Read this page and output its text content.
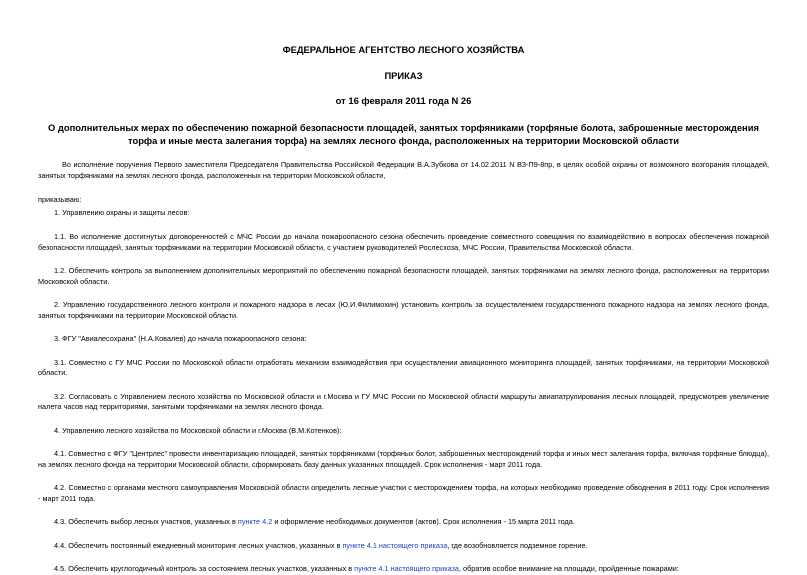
ФЕДЕРАЛЬНОЕ АГЕНТСТВО ЛЕСНОГО ХОЗЯЙСТВА
ПРИКАЗ
от 16 февраля 2011 года N 26
О дополнительных мерах по обеспечению пожарной безопасности площадей, занятых торфяниками (торфяные болота, заброшенные месторождения торфа и иные места залегания торфа) на землях лесного фонда, расположенных на территории Московской области

Во исполнение поручения Первого заместителя Председателя Правительства Российской Федерации В.А.Зубкова от 14.02.2011 N ВЗ-П9-8пр, в целях особой охраны от возможного возгорания площадей, занятых торфяниками на землях лесного фонда, расположенных на территории Московской области,

приказываю:

1. Управлению охраны и защиты лесов:

1.1. Во исполнение достигнутых договоренностей с МЧС России до начала пожароопасного сезона обеспечить проведение совместного совещания по взаимодействию в вопросах обеспечения пожарной безопасности площадей, занятых торфяниками на территории Московской области, с участием руководителей Рослесхоза, МЧС России, Правительства Московской области.

1.2. Обеспечить контроль за выполнением дополнительных мероприятий по обеспечению пожарной безопасности площадей, занятых торфяниками на землях лесного фонда, расположенных на территории Московской области.

2. Управлению государственного лесного контроля и пожарного надзора в лесах (Ю.И.Филимохин) установить контроль за осуществлением государственного пожарного надзора на землях лесного фонда, занятых торфяниками на территории Московской области.

3. ФГУ "Авиалесохрана" (Н.А.Ковалев) до начала пожароопасного сезона:

3.1. Совместно с ГУ МЧС России по Московской области отработать механизм взаимодействия при осуществлении авиационного мониторинга площадей, занятых торфяниками, на территории Московской области.

3.2. Согласовать с Управлением лесного хозяйства по Московской области и г.Москва и ГУ МЧС России по Московской области маршруты авиапатрулирования лесных площадей, предусмотрев увеличение налета часов над территориями, занятыми торфяниками на землях лесного фонда.

4. Управлению лесного хозяйства по Московской области и г.Москва (В.М.Котенков):

4.1. Совместно с ФГУ "Центрлес" провести инвентаризацию площадей, занятых торфяниками (торфяных болот, заброшенных месторождений торфа и иных мест залегания торфа, включая торфяные блюдца), на землях лесного фонда на территории Московской области, сформировать базу данных указанных площадей. Срок исполнения - март 2011 года.

4.2. Совместно с органами местного самоуправления Московской области определить лесные участки с месторождением торфа, на которых необходимо проведение обводнения в 2011 году. Срок исполнения - март 2011 года.

4.3. Обеспечить выбор лесных участков, указанных в пункте 4.2 и оформление необходимых документов (актов). Срок исполнения - 15 марта 2011 года.

4.4. Обеспечить постоянный ежедневный мониторинг лесных участков, указанных в пункте 4.1 настоящего приказа, где возобновляется подземное горение.

4.5. Обеспечить круглогодичный контроль за состоянием лесных участков, указанных в пункте 4.1 настоящего приказа, обратив особое внимание на площади, пройденные пожарами:
